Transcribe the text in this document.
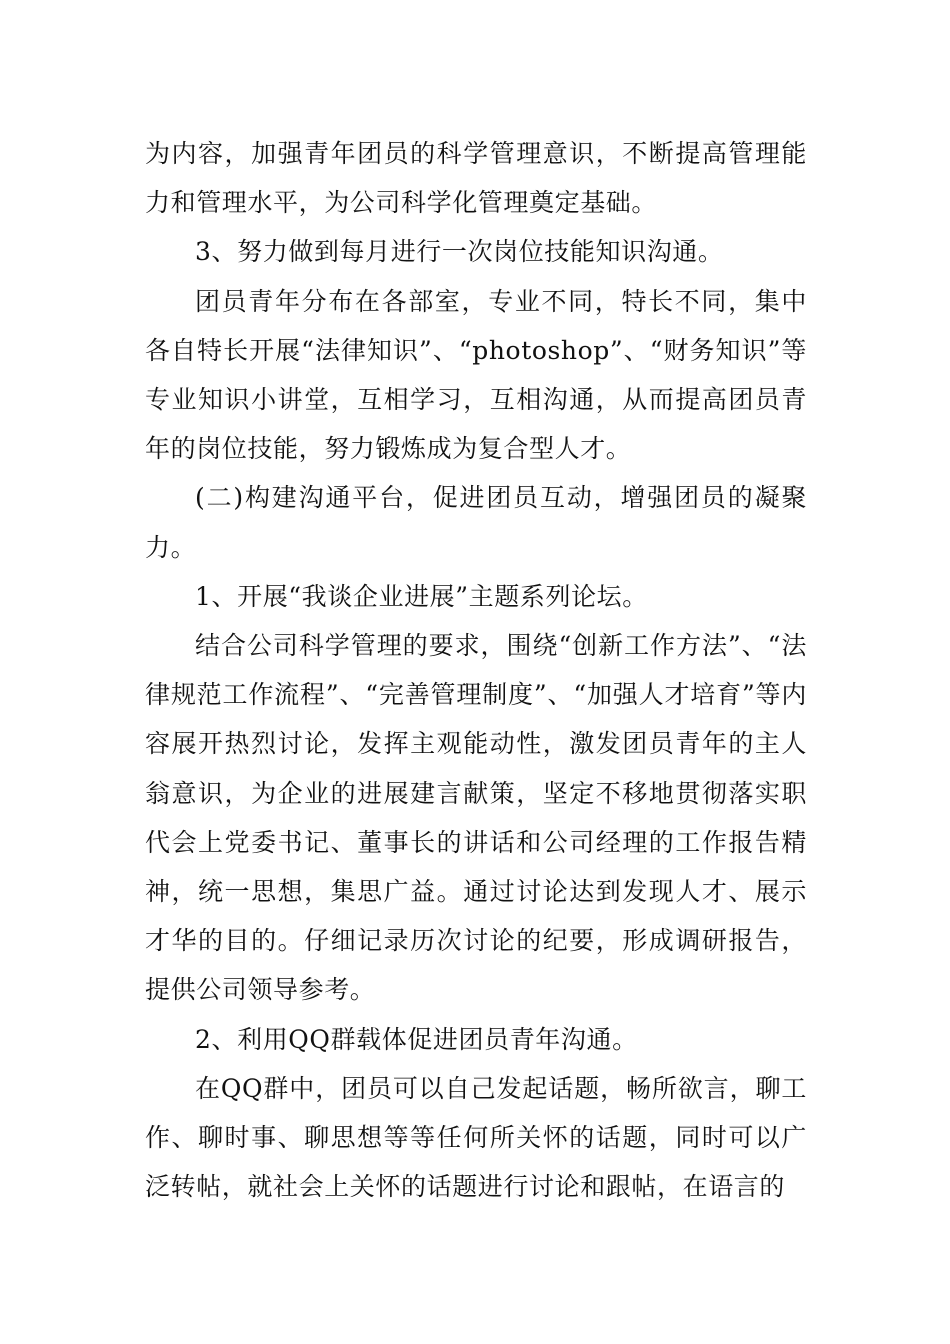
为内容，加强青年团员的科学管理意识，不断提高管理能力和管理水平，为公司科学化管理奠定基础。

3、努力做到每月进行一次岗位技能知识沟通。

团员青年分布在各部室，专业不同，特长不同，集中各自特长开展“法律知识”、“photoshop”、“财务知识”等专业知识小讲堂，互相学习，互相沟通，从而提高团员青年的岗位技能，努力锻炼成为复合型人才。

(二)构建沟通平台，促进团员互动，增强团员的凝聚力。

1、开展“我谈企业进展”主题系列论坛。

结合公司科学管理的要求，围绕“创新工作方法”、“法律规范工作流程”、“完善管理制度”、“加强人才培育”等内容展开热烈讨论，发挥主观能动性，激发团员青年的主人翁意识，为企业的进展建言献策，坚定不移地贯彻落实职代会上党委书记、董事长的讲话和公司经理的工作报告精神，统一思想，集思广益。通过讨论达到发现人才、展示才华的目的。仔细记录历次讨论的纪要，形成调研报告，提供公司领导参考。

2、利用QQ群载体促进团员青年沟通。

在QQ群中，团员可以自己发起话题，畅所欲言，聊工作、聊时事、聊思想等等任何所关怀的话题，同时可以广泛转帖，就社会上关怀的话题进行讨论和跟帖，在语言的
